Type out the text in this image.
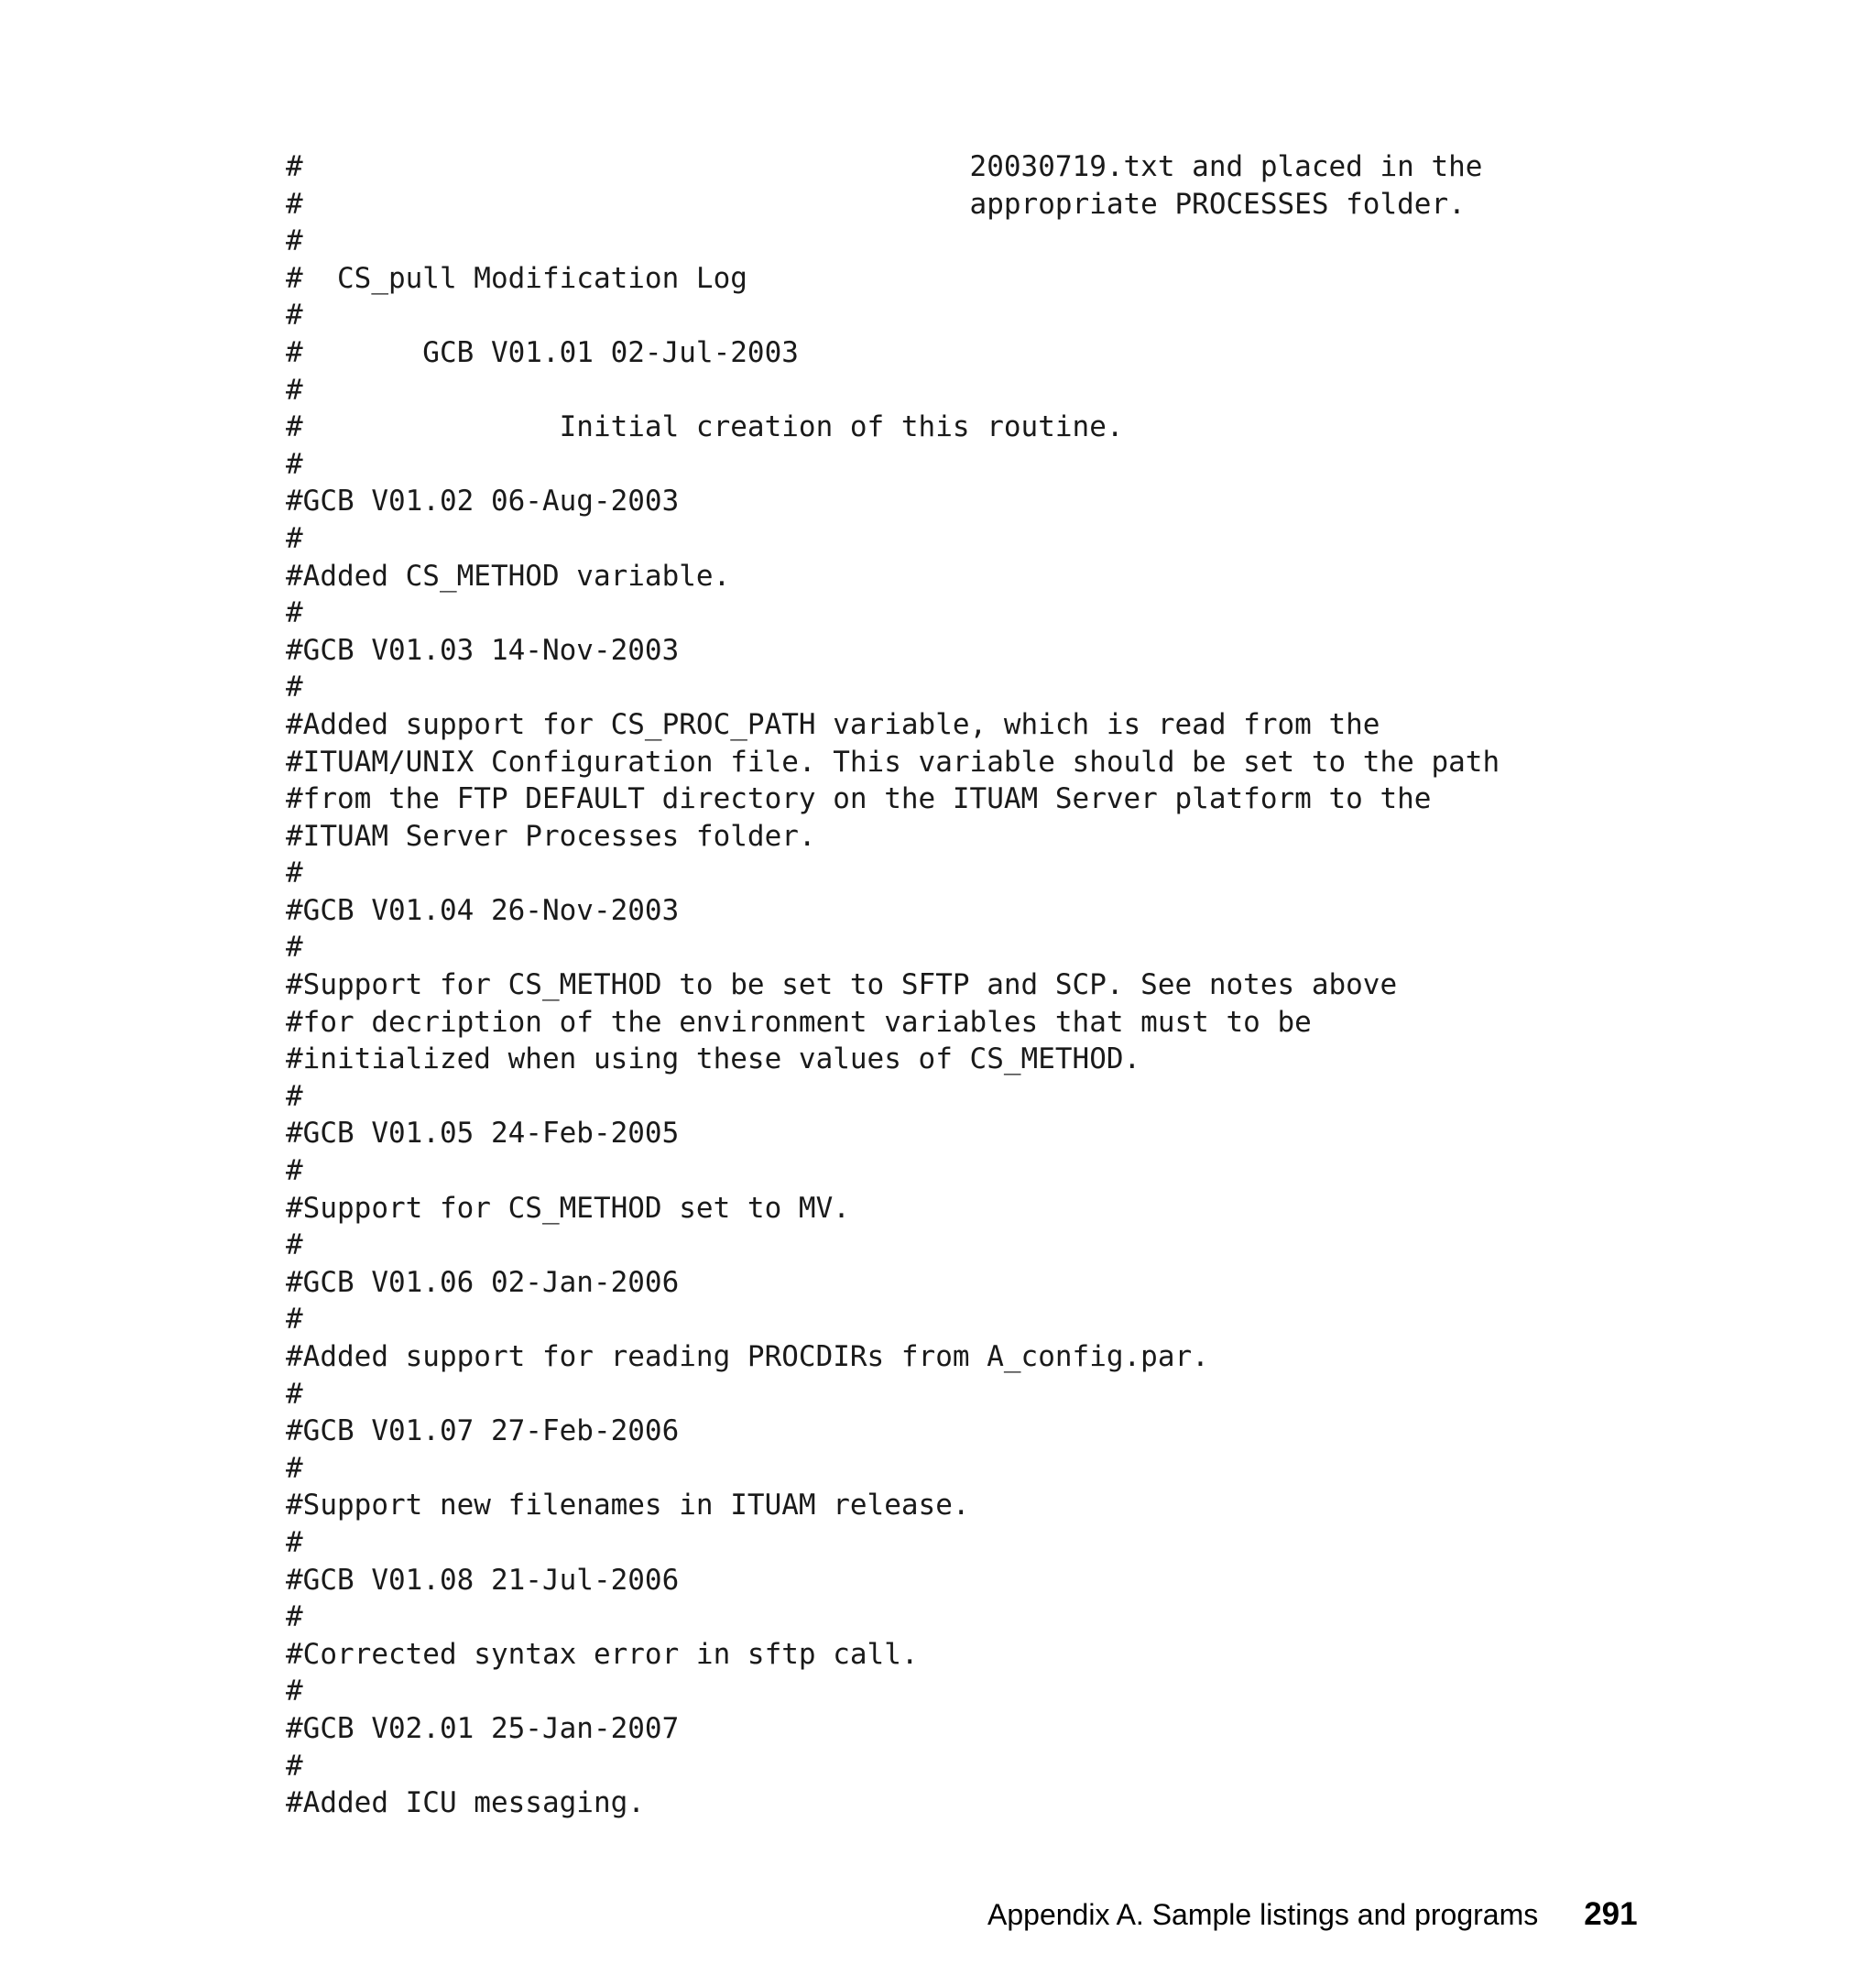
#                                       20030719.txt and placed in the
#                                       appropriate PROCESSES folder.
#
#  CS_pull Modification Log
#
#       GCB V01.01 02-Jul-2003
#
#               Initial creation of this routine.
#
#GCB V01.02 06-Aug-2003
#
#Added CS_METHOD variable.
#
#GCB V01.03 14-Nov-2003
#
#Added support for CS_PROC_PATH variable, which is read from the
#ITUAM/UNIX Configuration file. This variable should be set to the path
#from the FTP DEFAULT directory on the ITUAM Server platform to the
#ITUAM Server Processes folder.
#
#GCB V01.04 26-Nov-2003
#
#Support for CS_METHOD to be set to SFTP and SCP. See notes above
#for decription of the environment variables that must to be
#initialized when using these values of CS_METHOD.
#
#GCB V01.05 24-Feb-2005
#
#Support for CS_METHOD set to MV.
#
#GCB V01.06 02-Jan-2006
#
#Added support for reading PROCDIRs from A_config.par.
#
#GCB V01.07 27-Feb-2006
#
#Support new filenames in ITUAM release.
#
#GCB V01.08 21-Jul-2006
#
#Corrected syntax error in sftp call.
#
#GCB V02.01 25-Jan-2007
#
#Added ICU messaging.
Appendix A. Sample listings and programs 291
